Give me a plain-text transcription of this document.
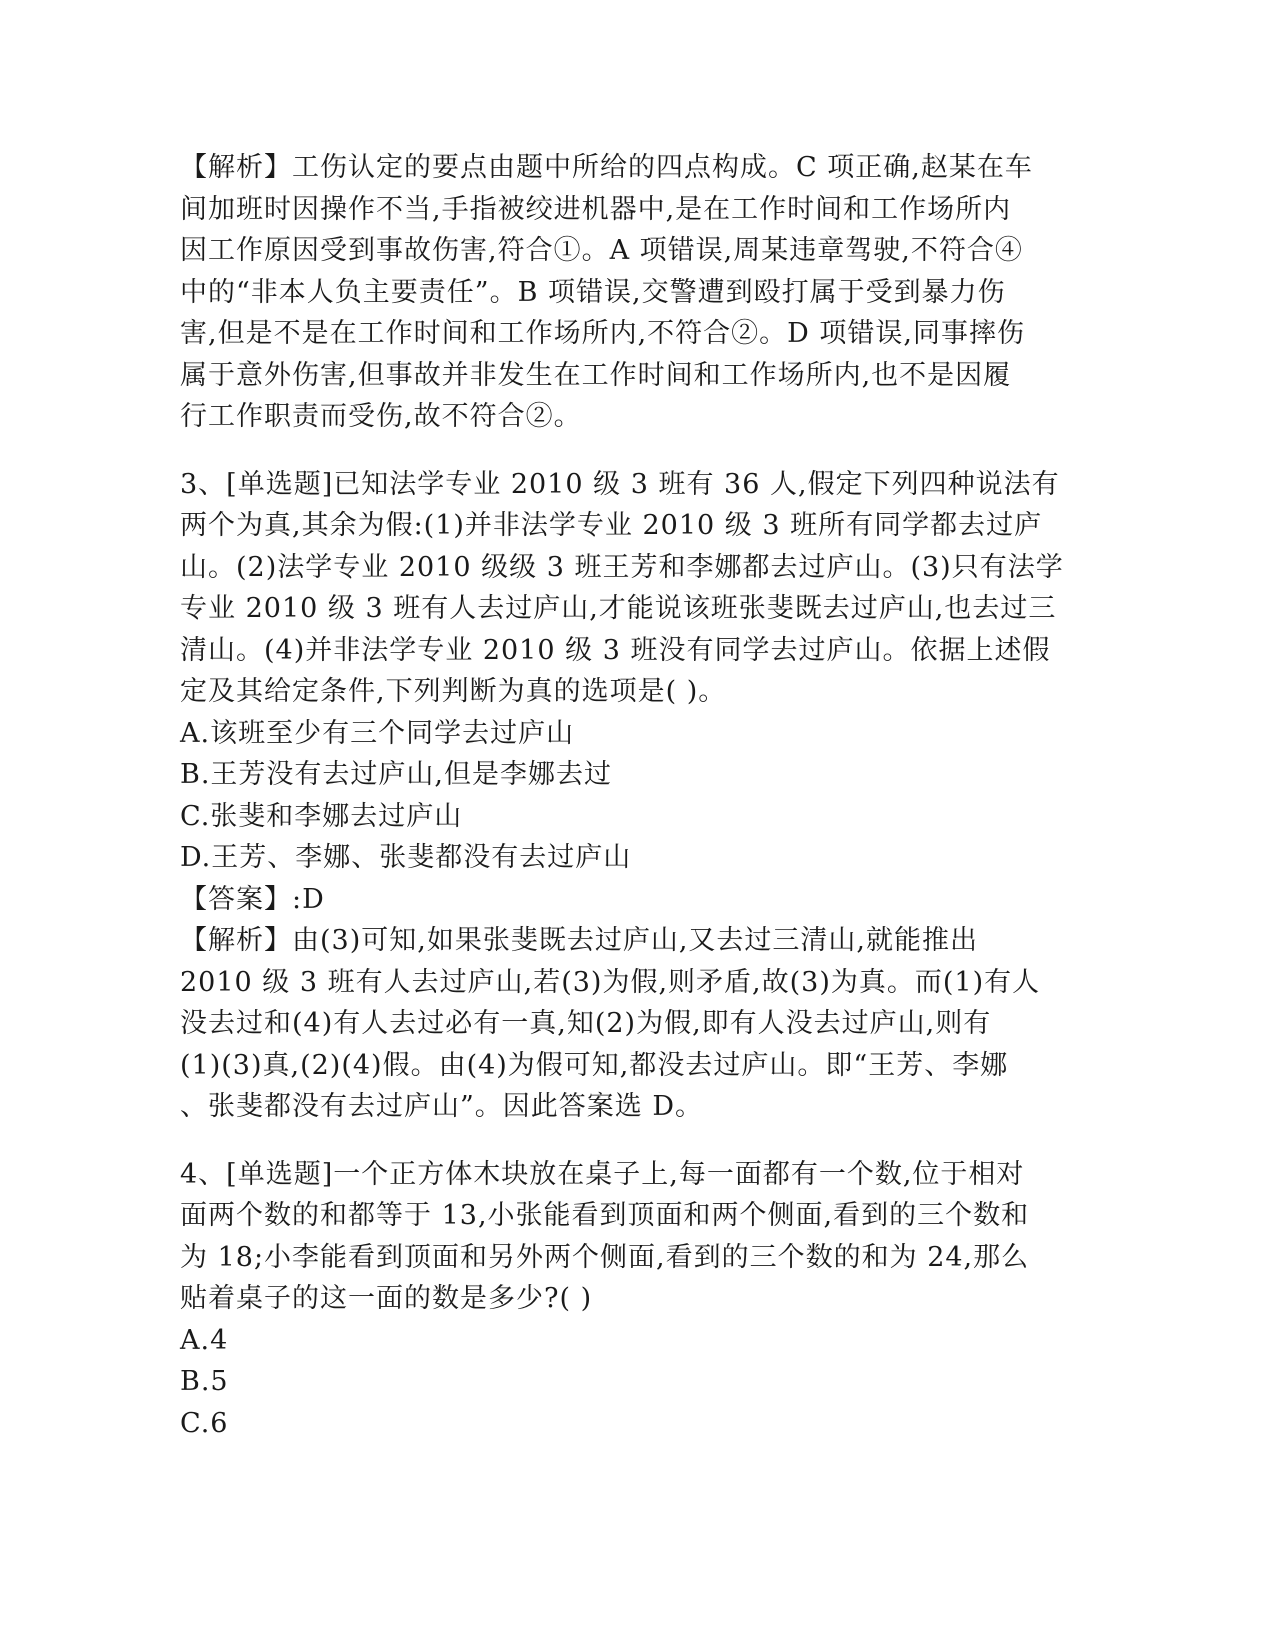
【解析】工伤认定的要点由题中所给的四点构成。C 项正确,赵某在车
间加班时因操作不当,手指被绞进机器中,是在工作时间和工作场所内
因工作原因受到事故伤害,符合①。A 项错误,周某违章驾驶,不符合④
中的“非本人负主要责任”。B 项错误,交警遭到殴打属于受到暴力伤
害,但是不是在工作时间和工作场所内,不符合②。D 项错误,同事摔伤
属于意外伤害,但事故并非发生在工作时间和工作场所内,也不是因履
行工作职责而受伤,故不符合②。
3、[单选题]已知法学专业 2010 级 3 班有 36 人,假定下列四种说法有
两个为真,其余为假:(1)并非法学专业 2010 级 3 班所有同学都去过庐
山。(2)法学专业 2010 级级 3 班王芳和李娜都去过庐山。(3)只有法学
专业 2010 级 3 班有人去过庐山,才能说该班张斐既去过庐山,也去过三
清山。(4)并非法学专业 2010 级 3 班没有同学去过庐山。依据上述假
定及其给定条件,下列判断为真的选项是( )。
A.该班至少有三个同学去过庐山
B.王芳没有去过庐山,但是李娜去过
C.张斐和李娜去过庐山
D.王芳、李娜、张斐都没有去过庐山
【答案】:D
【解析】由(3)可知,如果张斐既去过庐山,又去过三清山,就能推出
2010 级 3 班有人去过庐山,若(3)为假,则矛盾,故(3)为真。而(1)有人
没去过和(4)有人去过必有一真,知(2)为假,即有人没去过庐山,则有
(1)(3)真,(2)(4)假。由(4)为假可知,都没去过庐山。即“王芳、李娜
、张斐都没有去过庐山”。因此答案选 D。
4、[单选题]一个正方体木块放在桌子上,每一面都有一个数,位于相对
面两个数的和都等于 13,小张能看到顶面和两个侧面,看到的三个数和
为 18;小李能看到顶面和另外两个侧面,看到的三个数的和为 24,那么
贴着桌子的这一面的数是多少?( )
A.4
B.5
C.6
